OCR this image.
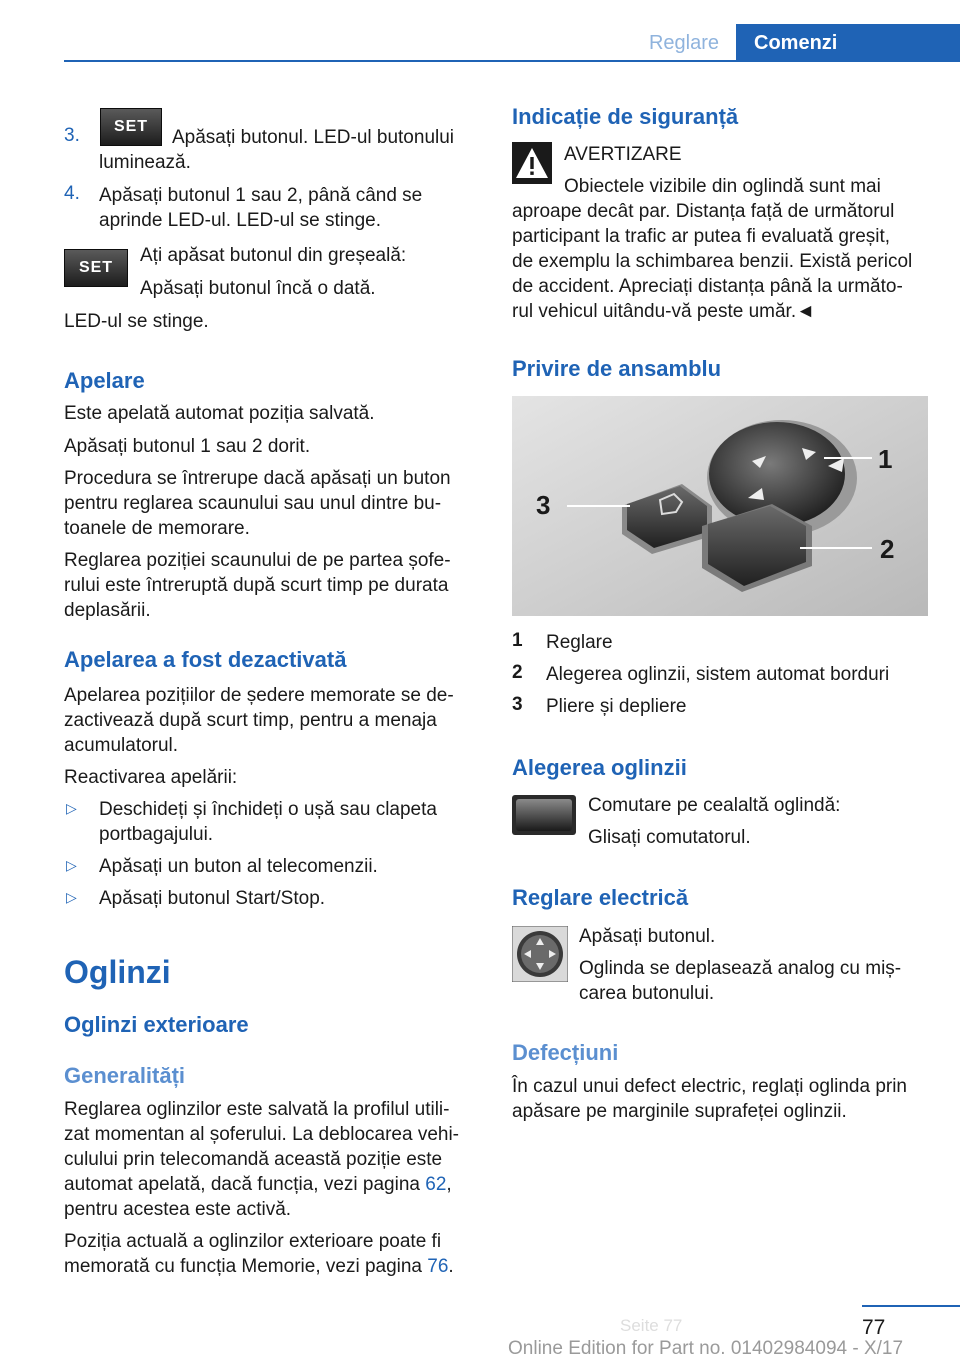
Reglare	Comenzi
3.	SET
Apăsați butonul. LED-ul butonului
luminează.
4. Apăsați butonul 1 sau 2, până când se
aprinde LED-ul. LED-ul se stinge.
SET
Ați apăsat butonul din greșeală:
Apăsați butonul încă o dată.
LED-ul se stinge.
Apelare
Este apelată automat poziția salvată.
Apăsați butonul 1 sau 2 dorit.
Procedura se întrerupe dacă apăsați un buton
pentru reglarea scaunului sau unul dintre bu‐
toanele de memorare.
Reglarea poziției scaunului de pe partea șofe‐
rului este întreruptă după scurt timp pe durata
deplasării.
Apelarea a fost dezactivată
Apelarea pozițiilor de ședere memorate se de‐
zactivează după scurt timp, pentru a menaja
acumulatorul.
Reactivarea apelării:
▷ Deschideți și închideți o ușă sau clapeta
portbagajului.
▷ Apăsați un buton al telecomenzii.
▷ Apăsați butonul Start/Stop.
Oglinzi
Oglinzi exterioare
Generalități
Reglarea oglinzilor este salvată la profilul utili‐
zat momentan al șoferului. La deblocarea vehi‐
culului prin telecomandă această poziție este
automat apelată, dacă funcția, vezi pagina 62,
pentru acestea este activă.
Poziția actuală a oglinzilor exterioare poate fi
memorată cu funcția Memorie, vezi pagina 76.
Indicație de siguranță
AVERTIZARE
Obiectele vizibile din oglindă sunt mai
aproape decât par. Distanța față de următorul
participant la trafic ar putea fi evaluată greșit,
de exemplu la schimbarea benzii. Există pericol
de accident. Apreciați distanța până la următo‐
rul vehicul uitându-vă peste umăr.◄
Privire de ansamblu
3
1
2
1 Reglare
2 Alegerea oglinzii, sistem automat borduri
3 Pliere și depliere
Alegerea oglinzii
Comutare pe cealaltă oglindă:
Glisați comutatorul.
Reglare electrică
Apăsați butonul.
Oglinda se deplasează analog cu miș‐
carea butonului.
Defecțiuni
În cazul unui defect electric, reglați oglinda prin
apăsare pe marginile suprafeței oglinzii.
77
Seite 77
Online Edition for Part no. 01402984094 - X/17
